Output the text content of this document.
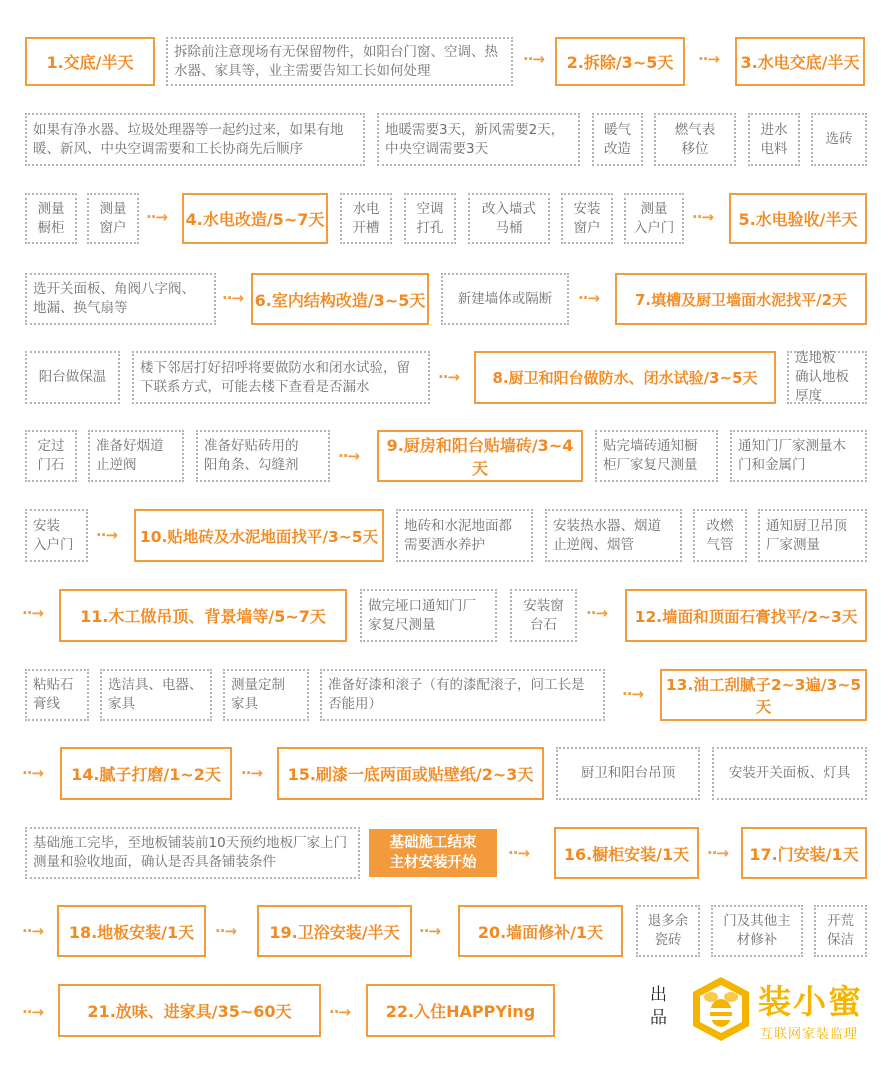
1.交底/半天
拆除前注意现场有无保留物件，如阳台门窗、空调、热水器、家具等，业主需要告知工长如何处理
··→	2.拆除/3~5天	··→	3.水电交底/半天
如果有净水器、垃圾处理器等一起约过来，如果有地暖、新风、中央空调需要和工长协商先后顺序
地暖需要3天，新风需要2天，中央空调需要3天
暖气
改造
燃气表
移位
进水
电料
选砖
测量
橱柜
测量
窗户
··→ 4.水电改造/5~7天
水电
开槽
空调
打孔
改入墙式
马桶
安装
窗户
测量
入户门
··→	5.水电验收/半天
选开关面板、角阀八字阀、地漏、换气扇等
··→ 6.室内结构改造/3~5天	新建墙体或隔断	··→	7.填槽及厨卫墙面水泥找平/2天
阳台做保温
楼下邻居打好招呼将要做防水和闭水试验，留下联系方式，可能去楼下查看是否漏水
··→	8.厨卫和阳台做防水、闭水试验/3~5天
选地板　确认地板厚度
定过
门石
准备好烟道
止逆阀
准备好贴砖用的
阳角条、勾缝剂	··→
9.厨房和阳台贴墙砖/3~4天
贴完墙砖通知橱柜厂家复尺测量
通知门厂家测量木门和金属门
安装
入户门
··→	10.贴地砖及水泥地面找平/3~5天
地砖和水泥地面都需要洒水养护
安装热水器、烟道止逆阀、烟管
改燃
气管
通知厨卫吊顶
厂家测量
··→	11.木工做吊顶、背景墙等/5~7天
做完垭口通知门厂家复尺测量
安装窗
台石
··→	12.墙面和顶面石膏找平/2~3天
粘贴石
膏线
选洁具、电器、
家具
测量定制
家具
准备好漆和滚子（有的漆配滚子，问工长是否能用）
··→	13.油工刮腻子2~3遍/3~5天
··→	14.腻子打磨/1~2天	··→	15.刷漆一底两面或贴壁纸/2~3天	厨卫和阳台吊顶	安装开关面板、灯具
基础施工完毕，至地板铺装前10天预约地板厂家上门测量和验收地面，确认是否具备铺装条件
基础施工结束
主材安装开始
··→	16.橱柜安装/1天	··→	17.门安装/1天
··→	18.地板安装/1天	··→	19.卫浴安装/半天	··→	20.墙面修补/1天
退多余
瓷砖
门及其他主
材修补
开荒
保洁
··→	21.放味、进家具/35~60天	··→	22.入住HAPPYing	出品	装小蜜
互联网家装监理
